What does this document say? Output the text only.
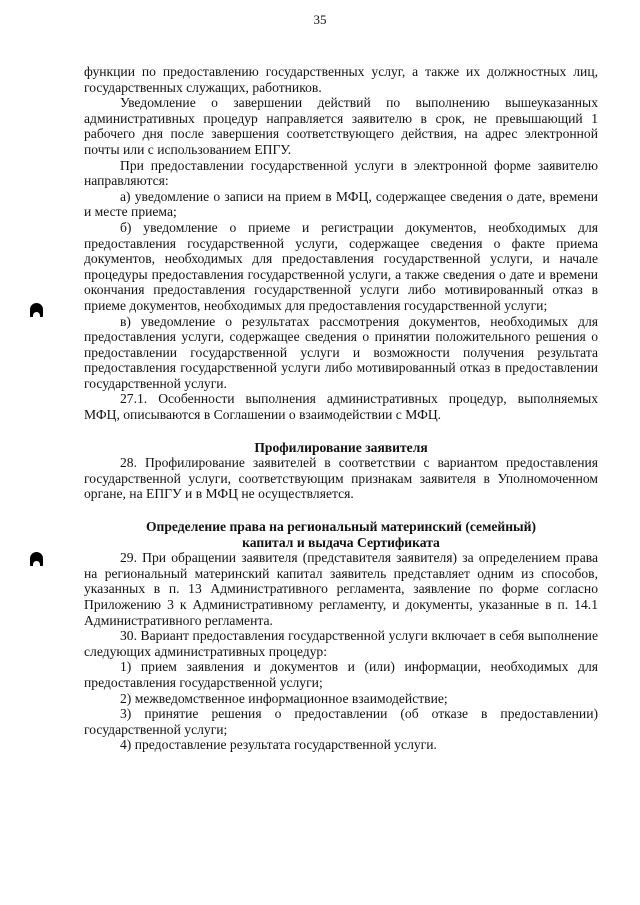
35

функции по предоставлению государственных услуг, а также их должностных лиц, государственных служащих, работников.

Уведомление о завершении действий по выполнению вышеуказанных административных процедур направляется заявителю в срок, не превышающий 1 рабочего дня после завершения соответствующего действия, на адрес электронной почты или с использованием ЕПГУ.

При предоставлении государственной услуги в электронной форме заявителю направляются:

а) уведомление о записи на прием в МФЦ, содержащее сведения о дате, времени и месте приема;

б) уведомление о приеме и регистрации документов, необходимых для предоставления государственной услуги, содержащее сведения о факте приема документов, необходимых для предоставления государственной услуги, и начале процедуры предоставления государственной услуги, а также сведения о дате и времени окончания предоставления государственной услуги либо мотивированный отказ в приеме документов, необходимых для предоставления государственной услуги;

в) уведомление о результатах рассмотрения документов, необходимых для предоставления услуги, содержащее сведения о принятии положительного решения о предоставлении государственной услуги и возможности получения результата предоставления государственной услуги либо мотивированный отказ в предоставлении государственной услуги.

27.1. Особенности выполнения административных процедур, выполняемых МФЦ, описываются в Соглашении о взаимодействии с МФЦ.

Профилирование заявителя

28. Профилирование заявителей в соответствии с вариантом предоставления государственной услуги, соответствующим признакам заявителя в Уполномоченном органе, на ЕПГУ и в МФЦ не осуществляется.

Определение права на региональный материнский (семейный)
капитал и выдача Сертификата

29. При обращении заявителя (представителя заявителя) за определением права на региональный материнский капитал заявитель представляет одним из способов, указанных в п. 13 Административного регламента, заявление по форме согласно Приложению 3 к Административному регламенту, и документы, указанные в п. 14.1 Административного регламента.

30. Вариант предоставления государственной услуги включает в себя выполнение следующих административных процедур:

1) прием заявления и документов и (или) информации, необходимых для предоставления государственной услуги;

2) межведомственное информационное взаимодействие;

3) принятие решения о предоставлении (об отказе в предоставлении) государственной услуги;

4) предоставление результата государственной услуги.
